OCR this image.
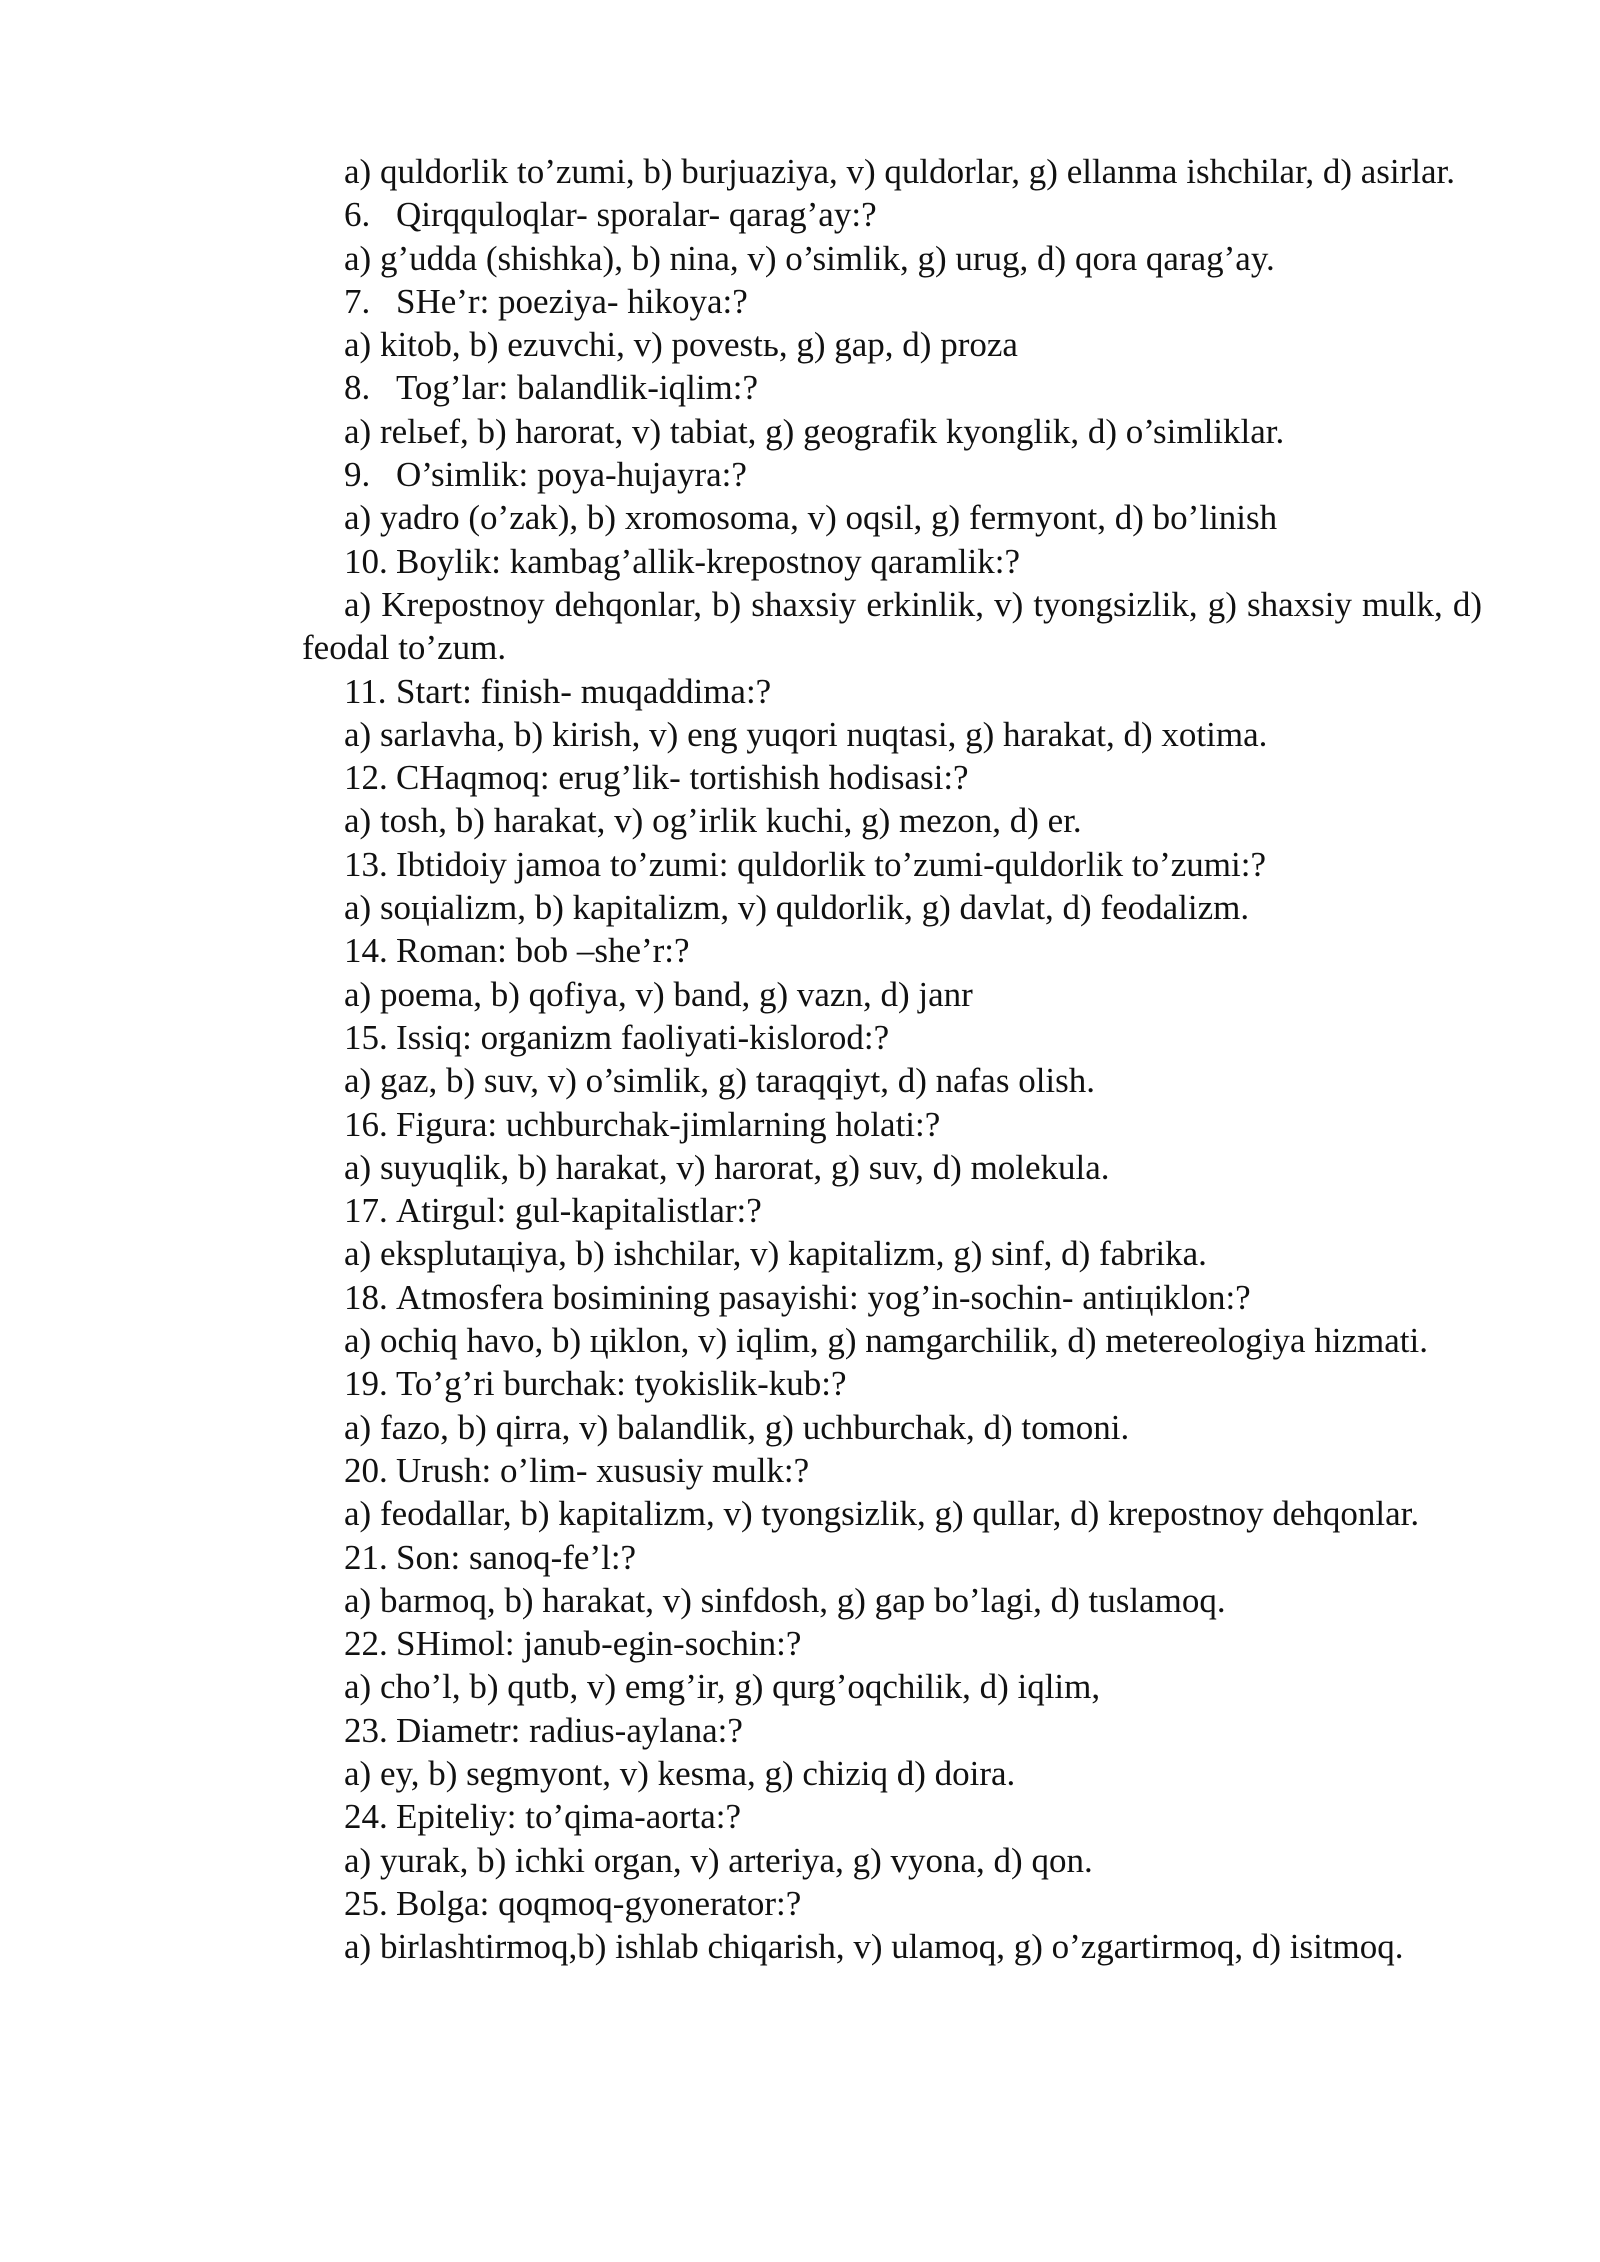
a) quldorlik to’zumi, b) burjuaziya, v) quldorlar, g) ellanma ishchilar, d) asirlar.
6. Qirqquloqlar- sporalar- qarag’ay:?
a) g’udda (shishka), b) nina, v) o’simlik, g) urug, d) qora qarag’ay.
7. SHe’r: poeziya- hikoya:?
a) kitob, b) ezuvchi, v) povestь, g) gap, d) proza
8. Tog’lar: balandlik-iqlim:?
a) relьef, b) harorat, v) tabiat, g) geografik kyonglik, d) o’simliklar.
9. O’simlik: poya-hujayra:?
a) yadro (o’zak), b) xromosoma, v) oqsil, g) fermyont, d) bo’linish
10. Boylik: kambag’allik-krepostnoy qaramlik:?
a) Krepostnoy dehqonlar, b) shaxsiy erkinlik, v) tyongsizlik, g) shaxsiy mulk, d) feodal to’zum.
11. Start: finish- muqaddima:?
a) sarlavha, b) kirish, v) eng yuqori nuqtasi, g) harakat, d) xotima.
12. CHaqmoq: erug’lik- tortishish hodisasi:?
a) tosh, b) harakat, v) og’irlik kuchi, g) mezon, d) er.
13. Ibtidoiy jamoa to’zumi: quldorlik to’zumi-quldorlik to’zumi:?
a) soцializm, b) kapitalizm, v) quldorlik, g) davlat, d) feodalizm.
14. Roman: bob –she’r:?
a) poema, b) qofiya, v) band, g) vazn, d) janr
15. Issiq: organizm faoliyati-kislorod:?
a) gaz, b) suv, v) o’simlik, g) taraqqiyt, d) nafas olish.
16. Figura: uchburchak-jimlarning holati:?
a) suyuqlik, b) harakat, v) harorat, g) suv, d) molekula.
17. Atirgul: gul-kapitalistlar:?
a) eksplutaцiya, b) ishchilar, v) kapitalizm, g) sinf, d) fabrika.
18. Atmosfera bosimining pasayishi: yog’in-sochin- antiцiklon:?
a) ochiq havo, b) цiklon, v) iqlim, g) namgarchilik, d) metereologiya hizmati.
19. To’g’ri burchak: tyokislik-kub:?
a) fazo, b) qirra, v) balandlik, g) uchburchak, d) tomoni.
20. Urush: o’lim- xususiy mulk:?
a) feodallar, b) kapitalizm, v) tyongsizlik, g) qullar, d) krepostnoy dehqonlar.
21. Son: sanoq-fe’l:?
a) barmoq, b) harakat, v) sinfdosh, g) gap bo’lagi, d) tuslamoq.
22. SHimol: janub-egin-sochin:?
a) cho’l, b) qutb, v) emg’ir, g) qurg’oqchilik, d) iqlim,
23. Diametr: radius-aylana:?
a) ey, b) segmyont, v) kesma, g) chiziq d) doira.
24. Epiteliy: to’qima-aorta:?
a) yurak, b) ichki organ, v) arteriya, g) vyona, d) qon.
25. Bolga: qoqmoq-gyonerator:?
a) birlashtirmoq,b) ishlab chiqarish, v) ulamoq, g) o’zgartirmoq, d) isitmoq.
